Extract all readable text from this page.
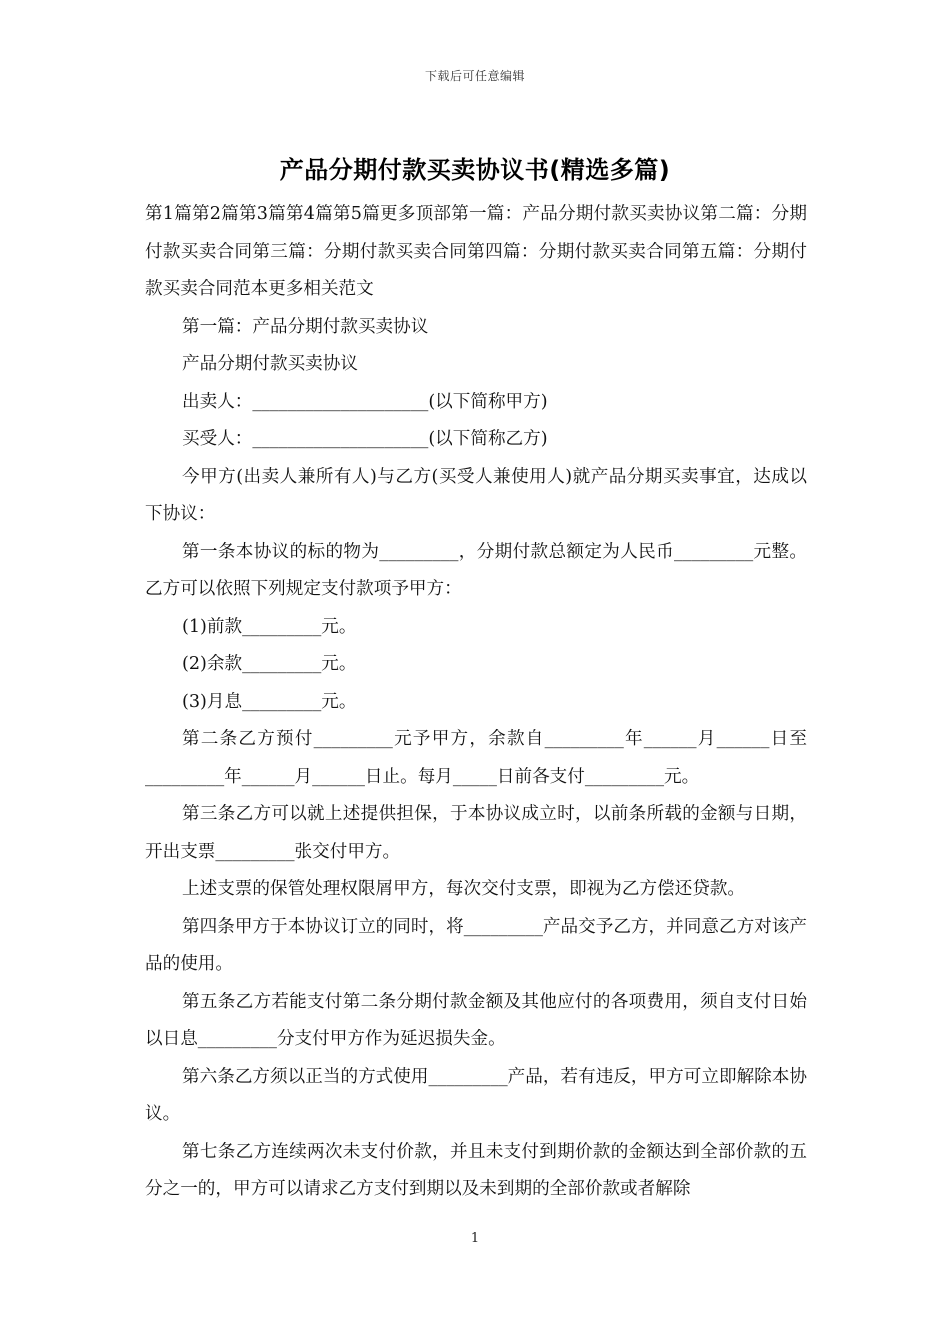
下载后可任意编辑
产品分期付款买卖协议书(精选多篇)

第1篇第2篇第3篇第4篇第5篇更多顶部第一篇：产品分期付款买卖协议第二篇：分期付款买卖合同第三篇：分期付款买卖合同第四篇：分期付款买卖合同第五篇：分期付款买卖合同范本更多相关范文

第一篇：产品分期付款买卖协议

产品分期付款买卖协议

出卖人：____________________(以下简称甲方)

买受人：____________________(以下简称乙方)

今甲方(出卖人兼所有人)与乙方(买受人兼使用人)就产品分期买卖事宜，达成以下协议：

第一条本协议的标的物为_________，分期付款总额定为人民币_________元整。乙方可以依照下列规定支付款项予甲方：

(1)前款_________元。

(2)余款_________元。

(3)月息_________元。

第二条乙方预付_________元予甲方，余款自_________年______月______日至_________年______月______日止。每月_____日前各支付_________元。

第三条乙方可以就上述提供担保，于本协议成立时，以前条所载的金额与日期，开出支票_________张交付甲方。

上述支票的保管处理权限屑甲方，每次交付支票，即视为乙方偿还贷款。

第四条甲方于本协议订立的同时，将_________产品交予乙方，并同意乙方对该产品的使用。

第五条乙方若能支付第二条分期付款金额及其他应付的各项费用，须自支付日始以日息_________分支付甲方作为延迟损失金。

第六条乙方须以正当的方式使用_________产品，若有违反，甲方可立即解除本协议。

第七条乙方连续两次未支付价款，并且未支付到期价款的金额达到全部价款的五分之一的，甲方可以请求乙方支付到期以及未到期的全部价款或者解除

1
